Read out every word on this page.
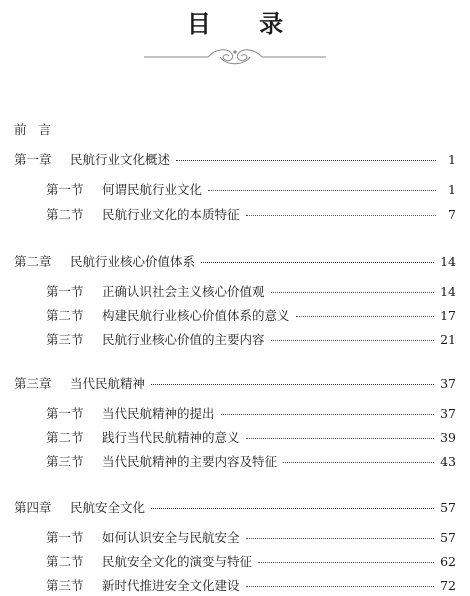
目 录
前言
第一章	民航行业文化概述	1
第一节	何谓民航行业文化	1
第二节	民航行业文化的本质特征	7
第二章	民航行业核心价值体系	14
第一节	正确认识社会主义核心价值观	14
第二节	构建民航行业核心价值体系的意义	17
第三节	民航行业核心价值的主要内容	21
第三章	当代民航精神	37
第一节	当代民航精神的提出	37
第二节	践行当代民航精神的意义	39
第三节	当代民航精神的主要内容及特征	43
第四章	民航安全文化	57
第一节	如何认识安全与民航安全	57
第二节	民航安全文化的演变与特征	62
第三节	新时代推进安全文化建设	72
